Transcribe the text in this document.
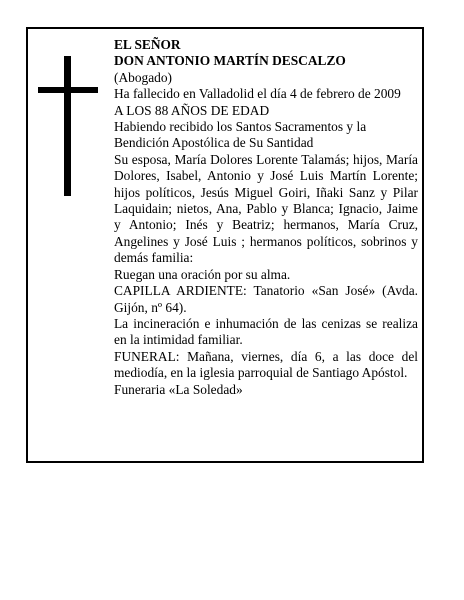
EL SEÑOR

DON ANTONIO MARTÍN DESCALZO

(Abogado)

Ha fallecido en Valladolid el día 4 de febrero de 2009

A LOS 88 AÑOS DE EDAD

Habiendo recibido los Santos Sacramentos y la Bendición Apostólica de Su Santidad

Su esposa, María Dolores Lorente Talamás; hijos, María Dolores, Isabel, Antonio y José Luis Martín Lorente; hijos políticos, Jesús Miguel Goiri, Iñaki Sanz y Pilar Laquidain; nietos, Ana, Pablo y Blanca; Ignacio, Jaime y Antonio; Inés y Beatriz; hermanos, María Cruz, Angelines y José Luis ; hermanos políticos, sobrinos y demás familia:

Ruegan una oración por su alma.

CAPILLA ARDIENTE: Tanatorio «San José» (Avda. Gijón, nº 64).

La incineración e inhumación de las cenizas se realiza en la intimidad familiar.

FUNERAL: Mañana, viernes, día 6, a las doce del mediodía, en la iglesia parroquial de Santiago Apóstol.

Funeraria «La Soledad»
